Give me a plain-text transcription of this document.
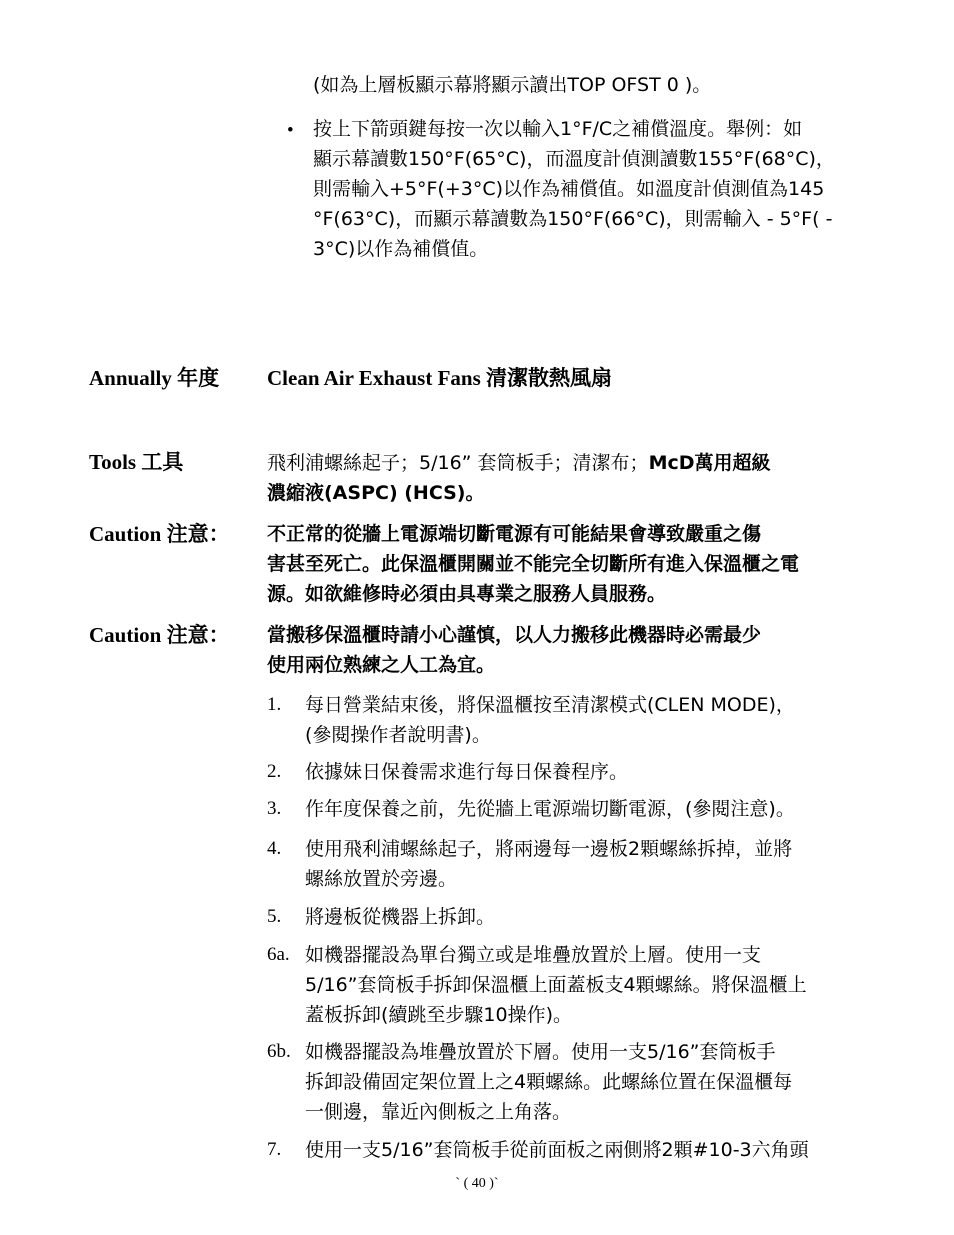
(如為上層板顯示幕將顯示讀出TOP OFST 0 )。
• 按上下箭頭鍵每按一次以輸入1°F/C之補償溫度。舉例：如
顯示幕讀數150°F(65°C)，而溫度計偵測讀數155°F(68°C)，
則需輸入+5°F(+3°C)以作為補償值。如溫度計偵測值為145
°F(63°C)，而顯示幕讀數為150°F(66°C)，則需輸入 - 5°F( -
3°C)以作為補償值。
Annually 年度 Clean Air Exhaust Fans 清潔散熱風扇
Tools 工具	飛利浦螺絲起子；5/16” 套筒板手；清潔布；McD萬用超級
濃縮液(ASPC) (HCS)。
Caution 注意： 不正常的從牆上電源端切斷電源有可能結果會導致嚴重之傷
害甚至死亡。此保溫櫃開關並不能完全切斷所有進入保溫櫃之電
源。如欲維修時必須由具專業之服務人員服務。
Caution 注意： 當搬移保溫櫃時請小心謹慎，以人力搬移此機器時必需最少
使用兩位熟練之人工為宜。
1. 每日營業結束後，將保溫櫃按至清潔模式(CLEN MODE)，
(參閱操作者說明書)。
2. 依據妹日保養需求進行每日保養程序。
3. 作年度保養之前，先從牆上電源端切斷電源，(參閱注意)。
4. 使用飛利浦螺絲起子，將兩邊每一邊板2顆螺絲拆掉，並將
螺絲放置於旁邊。
5. 將邊板從機器上拆卸。
6a. 如機器擺設為單台獨立或是堆疊放置於上層。使用一支
5/16”套筒板手拆卸保溫櫃上面蓋板支4顆螺絲。將保溫櫃上
蓋板拆卸(續跳至步驟10操作)。
6b. 如機器擺設為堆疊放置於下層。使用一支5/16”套筒板手
拆卸設備固定架位置上之4顆螺絲。此螺絲位置在保溫櫃每
一側邊，靠近內側板之上角落。
7. 使用一支5/16”套筒板手從前面板之兩側將2顆#10-3六角頭
` ( 40 )`
